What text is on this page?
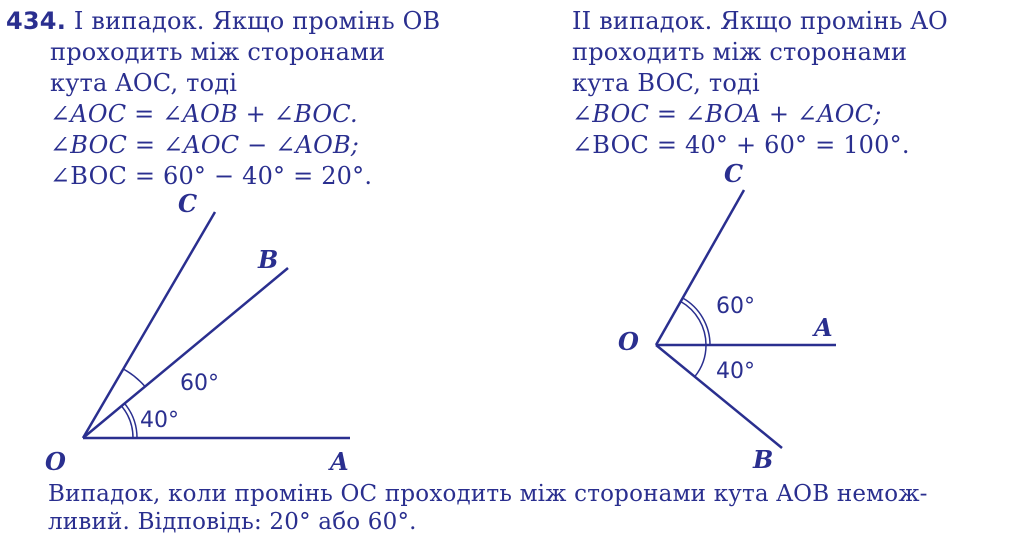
434. І випадок. Якщо промінь OB
проходить між сторонами
кута AOC, тоді
∠AOC = ∠AOB + ∠BOC.
∠BOC = ∠AOC − ∠AOB;
∠BOC = 60° − 40° = 20°.
ІІ випадок. Якщо промінь AO
проходить між сторонами
кута BOC, тоді
∠BOC = ∠BOA + ∠AOC;
∠BOC = 40° + 60° = 100°.
O	A
B
C
40°
60°
O	A
B
C
60°
40°
Випадок, коли промінь OC проходить між сторонами кута AOB немож-
ливий. Відповідь: 20° або 60°.
